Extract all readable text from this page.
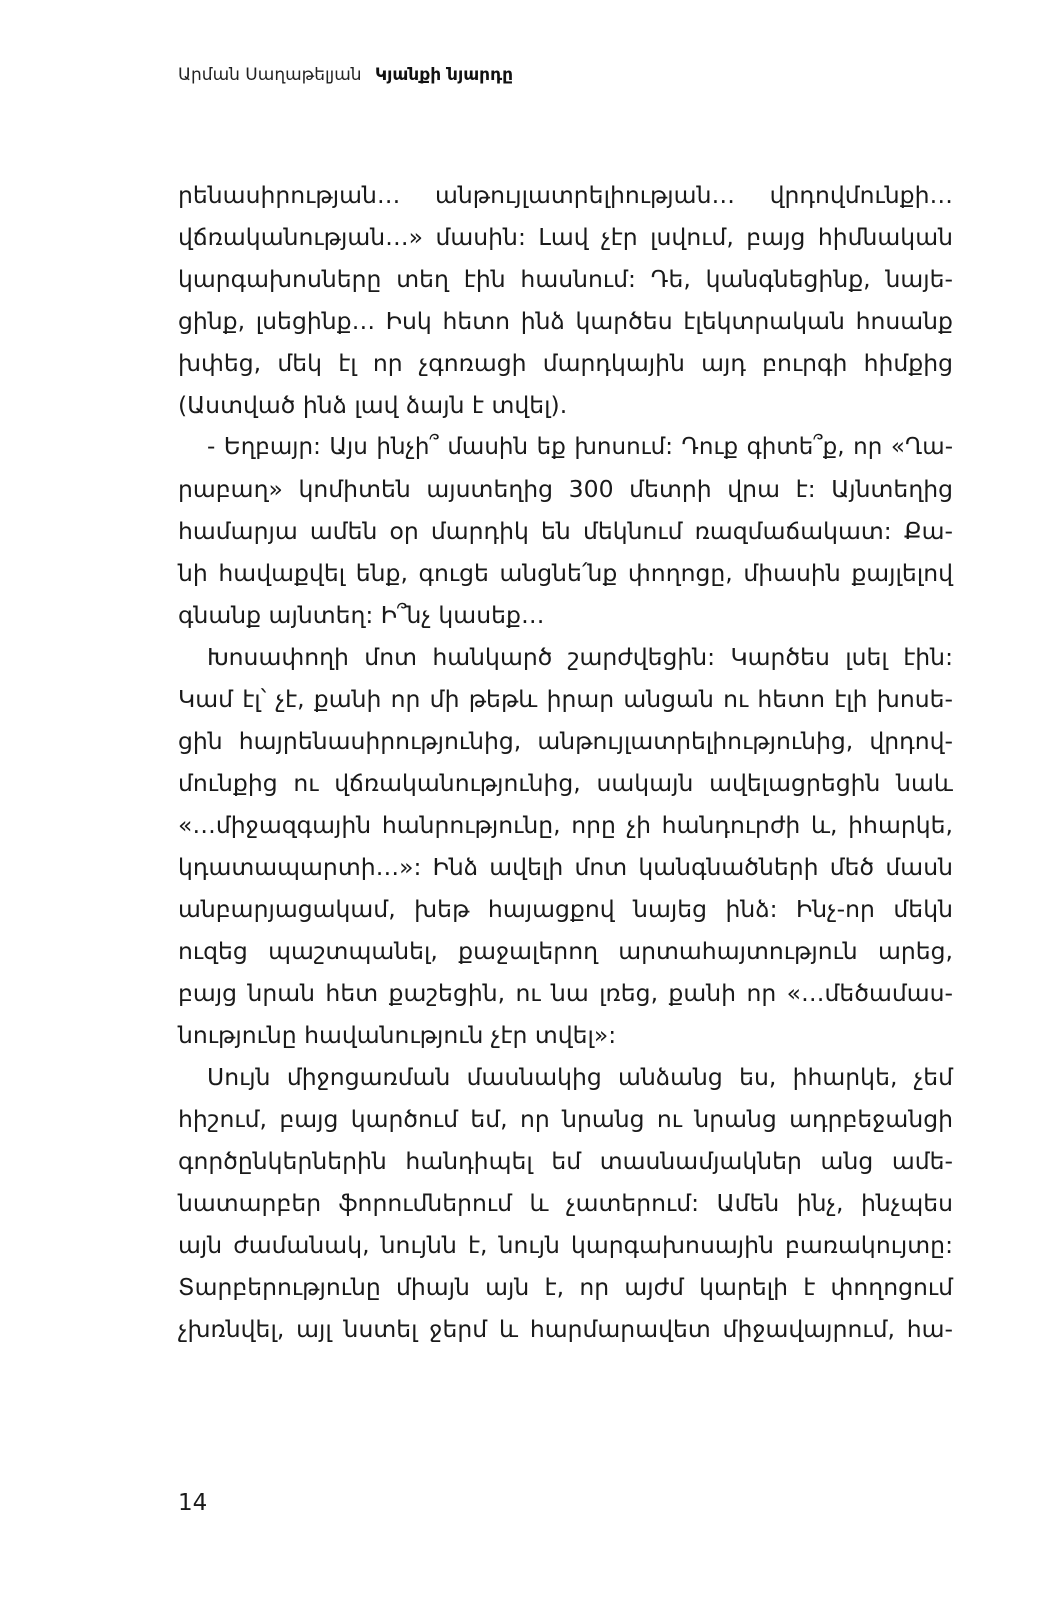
Արման Սաղաթելյան Կյանքի նյարդը
րենասիրության… անթույլատրելիության… վրդովմունքի…
վճռականության…» մասին: Լավ չէր լսվում, բայց հիմնական
կարգախոսները տեղ էին հասնում: Դե, կանգնեցինք, նայե-
ցինք, լսեցինք… Իսկ հետո ինձ կարծես էլեկտրական հոսանք
խփեց, մեկ էլ որ չգոռացի մարդկային այդ բուրգի հիմքից
(Աստված ինձ լավ ձայն է տվել).
- Եղբայր: Այս ինչի՞ մասին եք խոսում: Դուք գիտե՞ք, որ «Ղա-
րաբաղ» կոմիտեն այստեղից 300 մետրի վրա է: Այնտեղից
համարյա ամեն օր մարդիկ են մեկնում ռազմաճակատ: Քա-
նի հավաքվել ենք, գուցե անցնե՛նք փողոցը, միասին քայլելով
գնանք այնտեղ: Ի՞նչ կասեք…
Խոսափողի մոտ հանկարծ շարժվեցին: Կարծես լսել էին:
Կամ էլ՝ չէ, քանի որ մի թեթև իրար անցան ու հետո էլի խոսե-
ցին հայրենասիրությունից, անթույլատրելիությունից, վրդով-
մունքից ու վճռականությունից, սակայն ավելացրեցին նաև
«…միջազգային հանրությունը, որը չի հանդուրժի և, իհարկե,
կդատապարտի…»: Ինձ ավելի մոտ կանգնածների մեծ մասն
անբարյացակամ, խեթ հայացքով նայեց ինձ: Ինչ-որ մեկն
ուզեց պաշտպանել, քաջալերող արտահայտություն արեց,
բայց նրան հետ քաշեցին, ու նա լռեց, քանի որ «…մեծամաս-
նությունը հավանություն չէր տվել»:
Սույն միջոցառման մասնակից անձանց ես, իհարկե, չեմ
հիշում, բայց կարծում եմ, որ նրանց ու նրանց ադրբեջանցի
գործընկերներին հանդիպել եմ տասնամյակներ անց ամե-
նատարբեր ֆորումներում և չատերում: Ամեն ինչ, ինչպես
այն ժամանակ, նույնն է, նույն կարգախոսային բառակույտը:
Տարբերությունը միայն այն է, որ այժմ կարելի է փողոցում
չխռնվել, այլ նստել ջերմ և հարմարավետ միջավայրում, հա-
14
